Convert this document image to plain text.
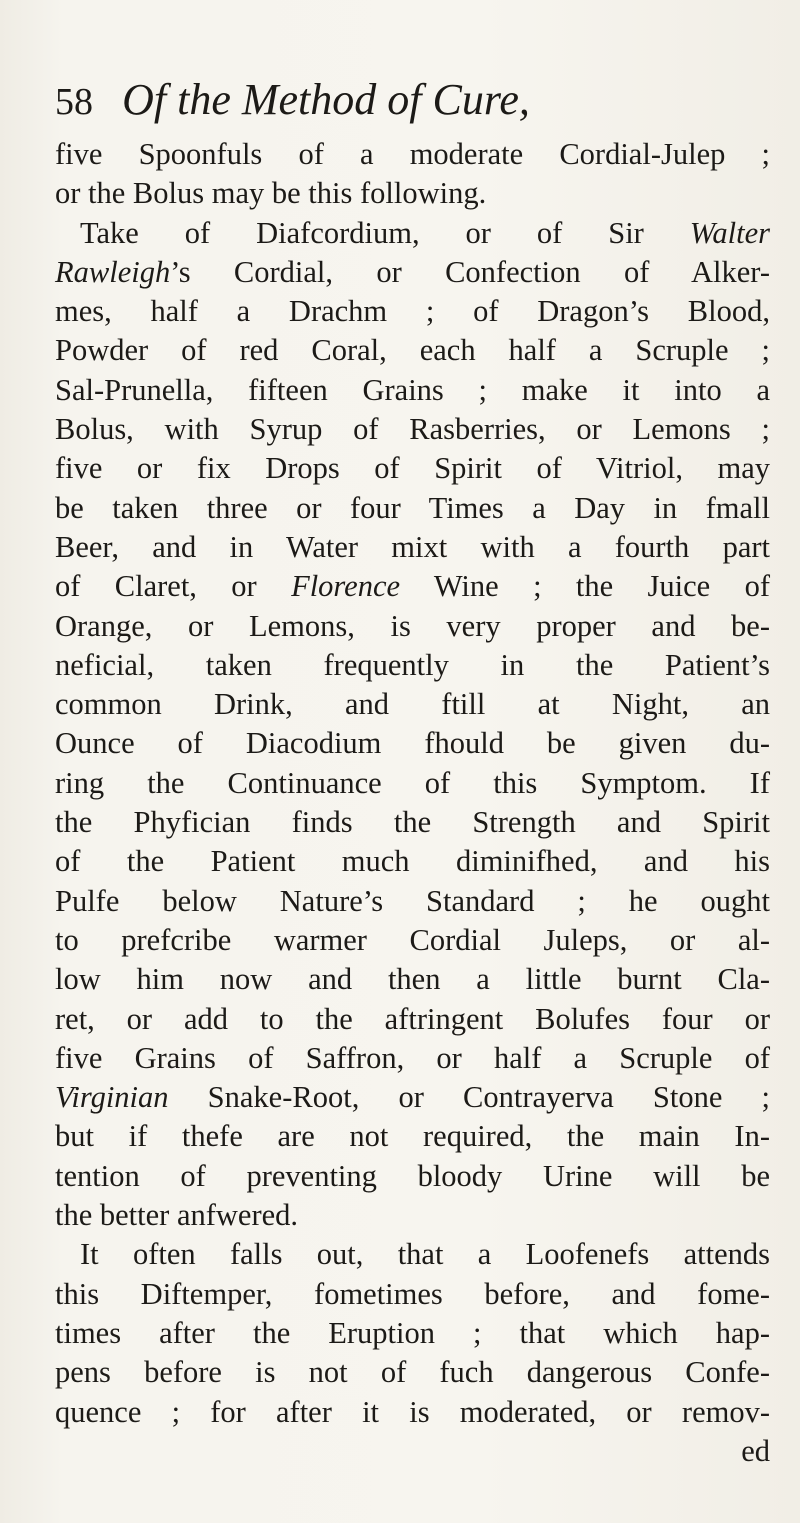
58 Of the Method of Cure,
five Spoonfuls of a moderate Cordial-Julep ;
or the Bolus may be this following.
Take of Diafcordium, or of Sir Walter
Rawleigh’s Cordial, or Confection of Alker-
mes, half a Drachm ; of Dragon’s Blood,
Powder of red Coral, each half a Scruple ;
Sal-Prunella, fifteen Grains ; make it into a
Bolus, with Syrup of Rasberries, or Lemons ;
five or fix Drops of Spirit of Vitriol, may
be taken three or four Times a Day in fmall
Beer, and in Water mixt with a fourth part
of Claret, or Florence Wine ; the Juice of
Orange, or Lemons, is very proper and be-
neficial, taken frequently in the Patient’s
common Drink, and ftill at Night, an
Ounce of Diacodium fhould be given du-
ring the Continuance of this Symptom. If
the Phyfician finds the Strength and Spirit
of the Patient much diminifhed, and his
Pulfe below Nature’s Standard ; he ought
to prefcribe warmer Cordial Juleps, or al-
low him now and then a little burnt Cla-
ret, or add to the aftringent Bolufes four or
five Grains of Saffron, or half a Scruple of
Virginian Snake-Root, or Contrayerva Stone ;
but if thefe are not required, the main In-
tention of preventing bloody Urine will be
the better anfwered.
It often falls out, that a Loofenefs attends
this Diftemper, fometimes before, and fome-
times after the Eruption ; that which hap-
pens before is not of fuch dangerous Confe-
quence ; for after it is moderated, or remov-
ed
